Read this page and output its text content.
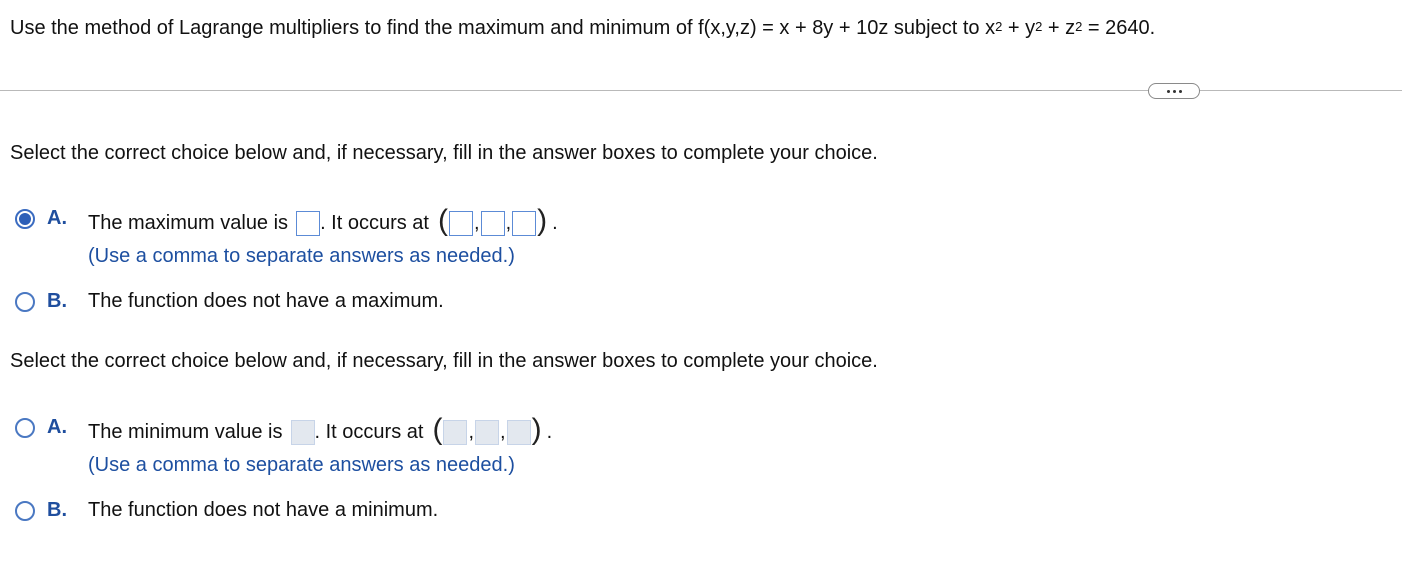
Use the method of Lagrange multipliers to find the maximum and minimum of f(x,y,z) = x + 8y + 10z subject to $x^2 + y^2 + z^2 = 2640$.
Select the correct choice below and, if necessary, fill in the answer boxes to complete your choice.
A. The maximum value is . It occurs at ( , , ) .
(Use a comma to separate answers as needed.)
B. The function does not have a maximum.
Select the correct choice below and, if necessary, fill in the answer boxes to complete your choice.
A. The minimum value is . It occurs at ( , , ) .
(Use a comma to separate answers as needed.)
B. The function does not have a minimum.
